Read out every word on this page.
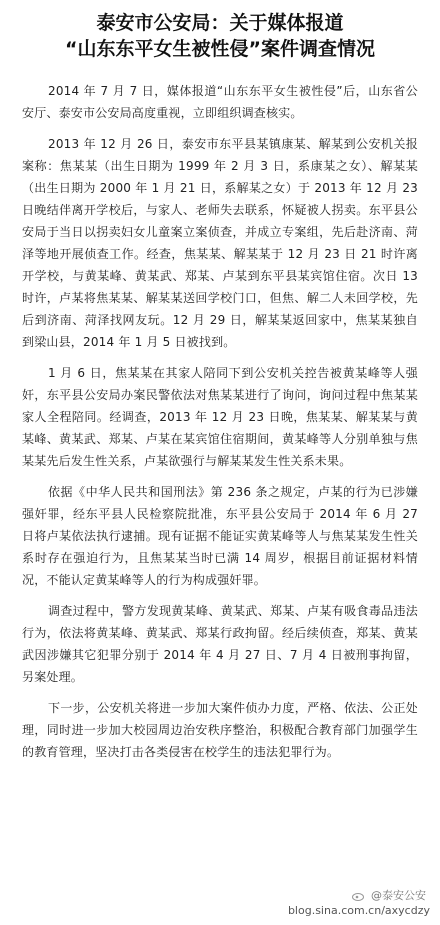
泰安市公安局：关于媒体报道
“山东东平女生被性侵”案件调查情况

2014 年 7 月 7 日，媒体报道“山东东平女生被性侵”后，山东省公安厅、泰安市公安局高度重视，立即组织调查核实。

2013 年 12 月 26 日，泰安市东平县某镇康某、解某到公安机关报案称：焦某某（出生日期为 1999 年 2 月 3 日，系康某之女）、解某某（出生日期为 2000 年 1 月 21 日，系解某之女）于 2013 年 12 月 23 日晚结伴离开学校后，与家人、老师失去联系，怀疑被人拐卖。东平县公安局于当日以拐卖妇女儿童案立案侦查，并成立专案组，先后赴济南、菏泽等地开展侦查工作。经查，焦某某、解某某于 12 月 23 日 21 时许离开学校，与黄某峰、黄某武、郑某、卢某到东平县某宾馆住宿。次日 13 时许，卢某将焦某某、解某某送回学校门口，但焦、解二人未回学校，先后到济南、菏泽找网友玩。12 月 29 日，解某某返回家中，焦某某独自到梁山县，2014 年 1 月 5 日被找到。

1 月 6 日，焦某某在其家人陪同下到公安机关控告被黄某峰等人强奸，东平县公安局办案民警依法对焦某某进行了询问，询问过程中焦某某家人全程陪同。经调查，2013 年 12 月 23 日晚，焦某某、解某某与黄某峰、黄某武、郑某、卢某在某宾馆住宿期间，黄某峰等人分别单独与焦某某先后发生性关系，卢某欲强行与解某某发生性关系未果。

依据《中华人民共和国刑法》第 236 条之规定，卢某的行为已涉嫌强奸罪，经东平县人民检察院批准，东平县公安局于 2014 年 6 月 27 日将卢某依法执行逮捕。现有证据不能证实黄某峰等人与焦某某发生性关系时存在强迫行为，且焦某某当时已满 14 周岁，根据目前证据材料情况，不能认定黄某峰等人的行为构成强奸罪。

调查过程中，警方发现黄某峰、黄某武、郑某、卢某有吸食毒品违法行为，依法将黄某峰、黄某武、郑某行政拘留。经后续侦查，郑某、黄某武因涉嫌其它犯罪分别于 2014 年 4 月 27 日、7 月 4 日被刑事拘留，另案处理。

下一步，公安机关将进一步加大案件侦办力度，严格、依法、公正处理，同时进一步加大校园周边治安秩序整治，积极配合教育部门加强学生的教育管理，坚决打击各类侵害在校学生的违法犯罪行为。

@泰安公安
blog.sina.com.cn/axycdzy
